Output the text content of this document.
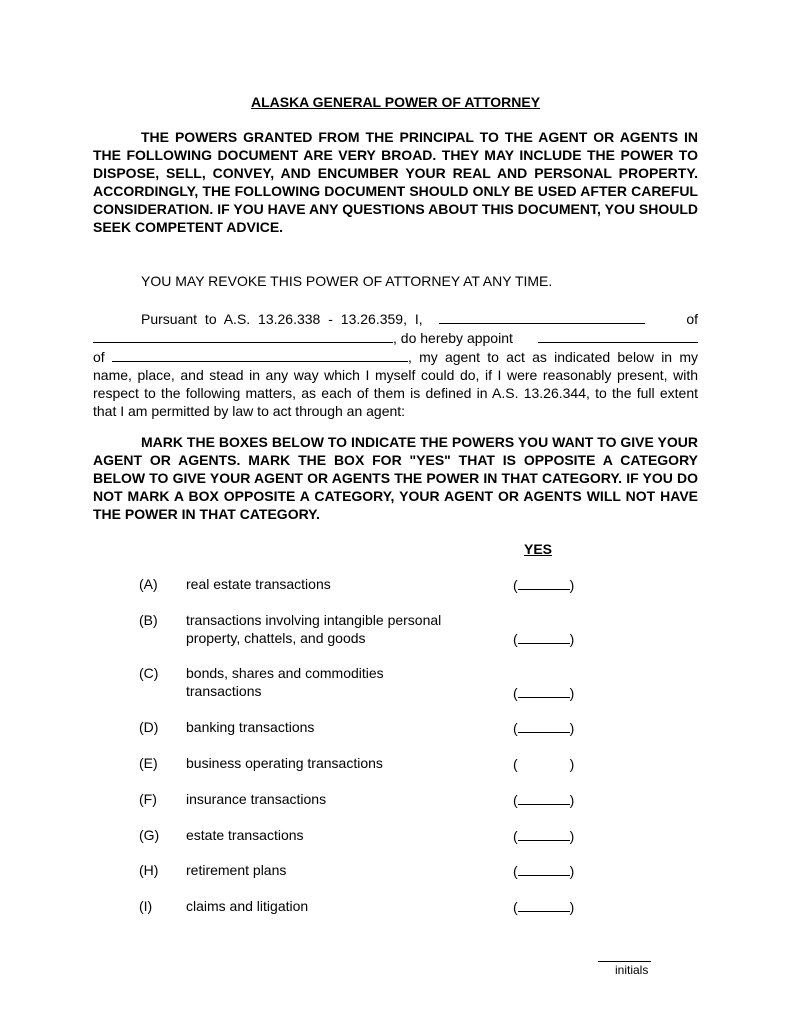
ALASKA GENERAL POWER OF ATTORNEY
THE POWERS GRANTED FROM THE PRINCIPAL TO THE AGENT OR AGENTS IN THE FOLLOWING DOCUMENT ARE VERY BROAD. THEY MAY INCLUDE THE POWER TO DISPOSE, SELL, CONVEY, AND ENCUMBER YOUR REAL AND PERSONAL PROPERTY. ACCORDINGLY, THE FOLLOWING DOCUMENT SHOULD ONLY BE USED AFTER CAREFUL CONSIDERATION. IF YOU HAVE ANY QUESTIONS ABOUT THIS DOCUMENT, YOU SHOULD SEEK COMPETENT ADVICE.
YOU MAY REVOKE THIS POWER OF ATTORNEY AT ANY TIME.
Pursuant to A.S. 13.26.338 - 13.26.359, I,	of
, do hereby appoint
of	, my agent to act as indicated below in my name, place, and stead in any way which I myself could do, if I were reasonably present, with respect to the following matters, as each of them is defined in A.S. 13.26.344, to the full extent that I am permitted by law to act through an agent:
MARK THE BOXES BELOW TO INDICATE THE POWERS YOU WANT TO GIVE YOUR AGENT OR AGENTS. MARK THE BOX FOR "YES" THAT IS OPPOSITE A CATEGORY BELOW TO GIVE YOUR AGENT OR AGENTS THE POWER IN THAT CATEGORY. IF YOU DO NOT MARK A BOX OPPOSITE A CATEGORY, YOUR AGENT OR AGENTS WILL NOT HAVE THE POWER IN THAT CATEGORY.
YES
(A)	real estate transactions	(	)
(B)	transactions involving intangible personal property, chattels, and goods	(	)
(C)	bonds, shares and commodities transactions	(	)
(D)	banking transactions	(	)
(E)	business operating transactions	(	)
(F)	insurance transactions	(	)
(G)	estate transactions	(	)
(H)	retirement plans	(	)
(I)	claims and litigation	(	)
initials
